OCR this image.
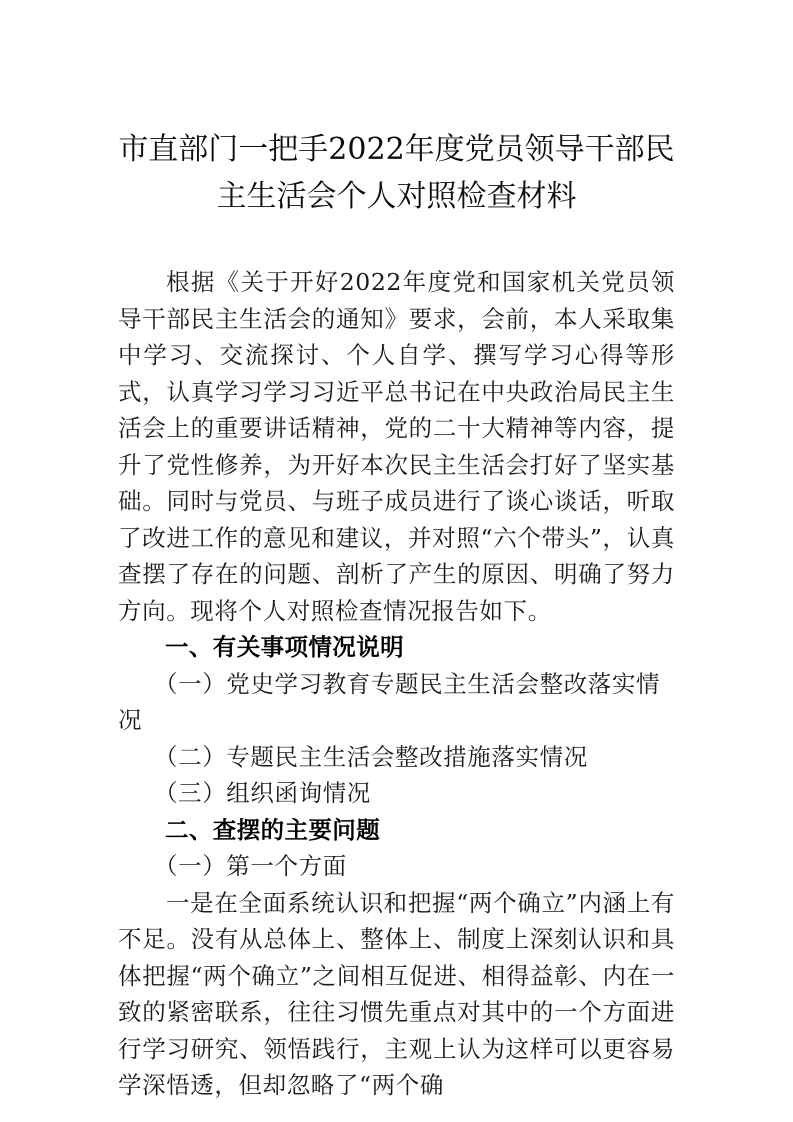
市直部门一把手2022年度党员领导干部民
主生活会个人对照检查材料

根据《关于开好2022年度党和国家机关党员领导干部民主生活会的通知》要求，会前，本人采取集中学习、交流探讨、个人自学、撰写学习心得等形式，认真学习学习习近平总书记在中央政治局民主生活会上的重要讲话精神，党的二十大精神等内容，提升了党性修养，为开好本次民主生活会打好了坚实基础。同时与党员、与班子成员进行了谈心谈话，听取了改进工作的意见和建议，并对照“六个带头”，认真查摆了存在的问题、剖析了产生的原因、明确了努力方向。现将个人对照检查情况报告如下。

一、有关事项情况说明

（一）党史学习教育专题民主生活会整改落实情况

（二）专题民主生活会整改措施落实情况

（三）组织函询情况

二、查摆的主要问题

（一）第一个方面

一是在全面系统认识和把握“两个确立”内涵上有不足。没有从总体上、整体上、制度上深刻认识和具体把握“两个确立”之间相互促进、相得益彰、内在一致的紧密联系，往往习惯先重点对其中的一个方面进行学习研究、领悟践行，主观上认为这样可以更容易学深悟透，但却忽略了“两个确
